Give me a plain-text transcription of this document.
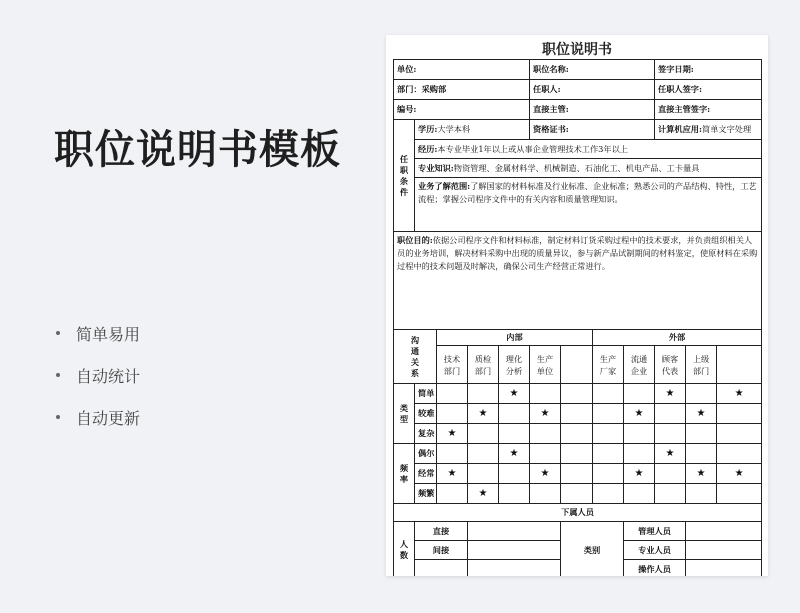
职位说明书模板
简单易用
自动统计
自动更新
职位说明书
单位:					职位名称:				签字日期:		
部门：采购部					任职人:				任职人签字:		
编号:					直接主管:				直接主管签字:		
任职条件	学历:大学本科				资格证书:				计算机应用:简单文字处理		
	经历:本专业毕业1年以上或从事企业管理技术工作3年以上										
	专业知识:物资管理、金属材料学、机械制造、石油化工、机电产品、工卡量具										
	业务了解范围:了解国家的材料标准及行业标准、企业标准；熟悉公司的产品结构、特性，工艺流程；掌握公司程序文件中的有关内容和质量管理知识。										
职位目的:依据公司程序文件和材料标准，制定材料订货采购过程中的技术要求，并负责组织相关人员的业务培训，解决材料采购中出现的质量异议，参与新产品试制期间的材料鉴定，使原材料在采购过程中的技术问题及时解决，确保公司生产经营正常进行。											
沟通关系		内部					外部				
		技术部门	质检部门	理化分析	生产单位		生产厂家	流通企业	顾客代表	上级部门	
类型	简单			★					★		★
	较难		★		★			★		★	
	复杂	★									
频率	偶尔			★					★		
	经常	★			★			★		★	★
	频繁		★								
下属人员											
人数	直接					类别		管理人员			
	间接							专业人员			
								操作人员			
